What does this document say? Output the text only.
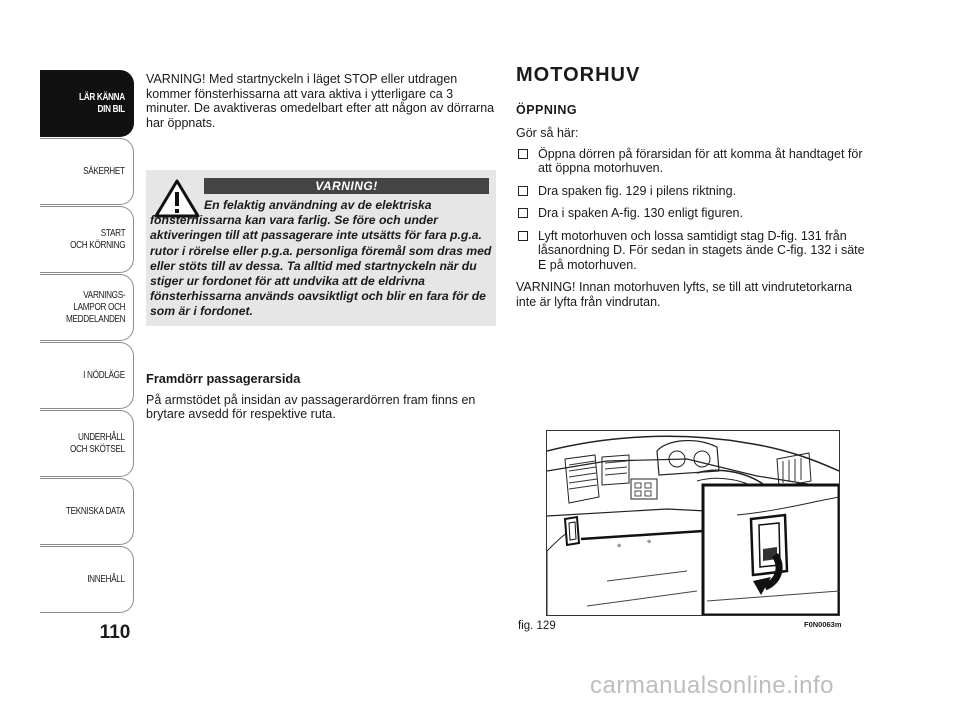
LÄR KÄNNA
DIN BIL
SÄKERHET
START
OCH KÖRNING
VARNINGS-
LAMPOR OCH
MEDDELANDEN
I NÖDLÄGE
UNDERHÅLL
OCH SKÖTSEL
TEKNISKA DATA
INNEHÅLL
110

VARNING! Med startnyckeln i läget STOP eller utdragen kommer fönsterhissarna att vara aktiva i ytterligare ca 3 minuter. De avaktiveras omedelbart efter att någon av dörrarna har öppnats.

VARNING!
En felaktig användning av de elektriska fönsterhissarna kan vara farlig. Se före och under aktiveringen till att passagerare inte utsätts för fara p.g.a. rutor i rörelse eller p.g.a. personliga föremål som dras med eller stöts till av dessa. Ta alltid med startnyckeln när du stiger ur fordonet för att undvika att de eldrivna fönsterhissarna används oavsiktligt och blir en fara för de som är i fordonet.
Framdörr passagerarsida

På armstödet på insidan av passagerardörren fram finns en brytare avsedd för respektive ruta.

MOTORHUV
ÖPPNING

Gör så här:

Öppna dörren på förarsidan för att komma åt handtaget för att öppna motorhuven.
Dra spaken fig. 129 i pilens riktning.
Dra i spaken A-fig. 130 enligt figuren.
Lyft motorhuven och lossa samtidigt stag D-fig. 131 från låsanordning D. För sedan in stagets ände C-fig. 132 i säte E på motorhuven.

VARNING! Innan motorhuven lyfts, se till att vindrutetorkarna inte är lyfta från vindrutan.

⊕
⊕
fig. 129	F0N0063m
carmanualsonline.info
